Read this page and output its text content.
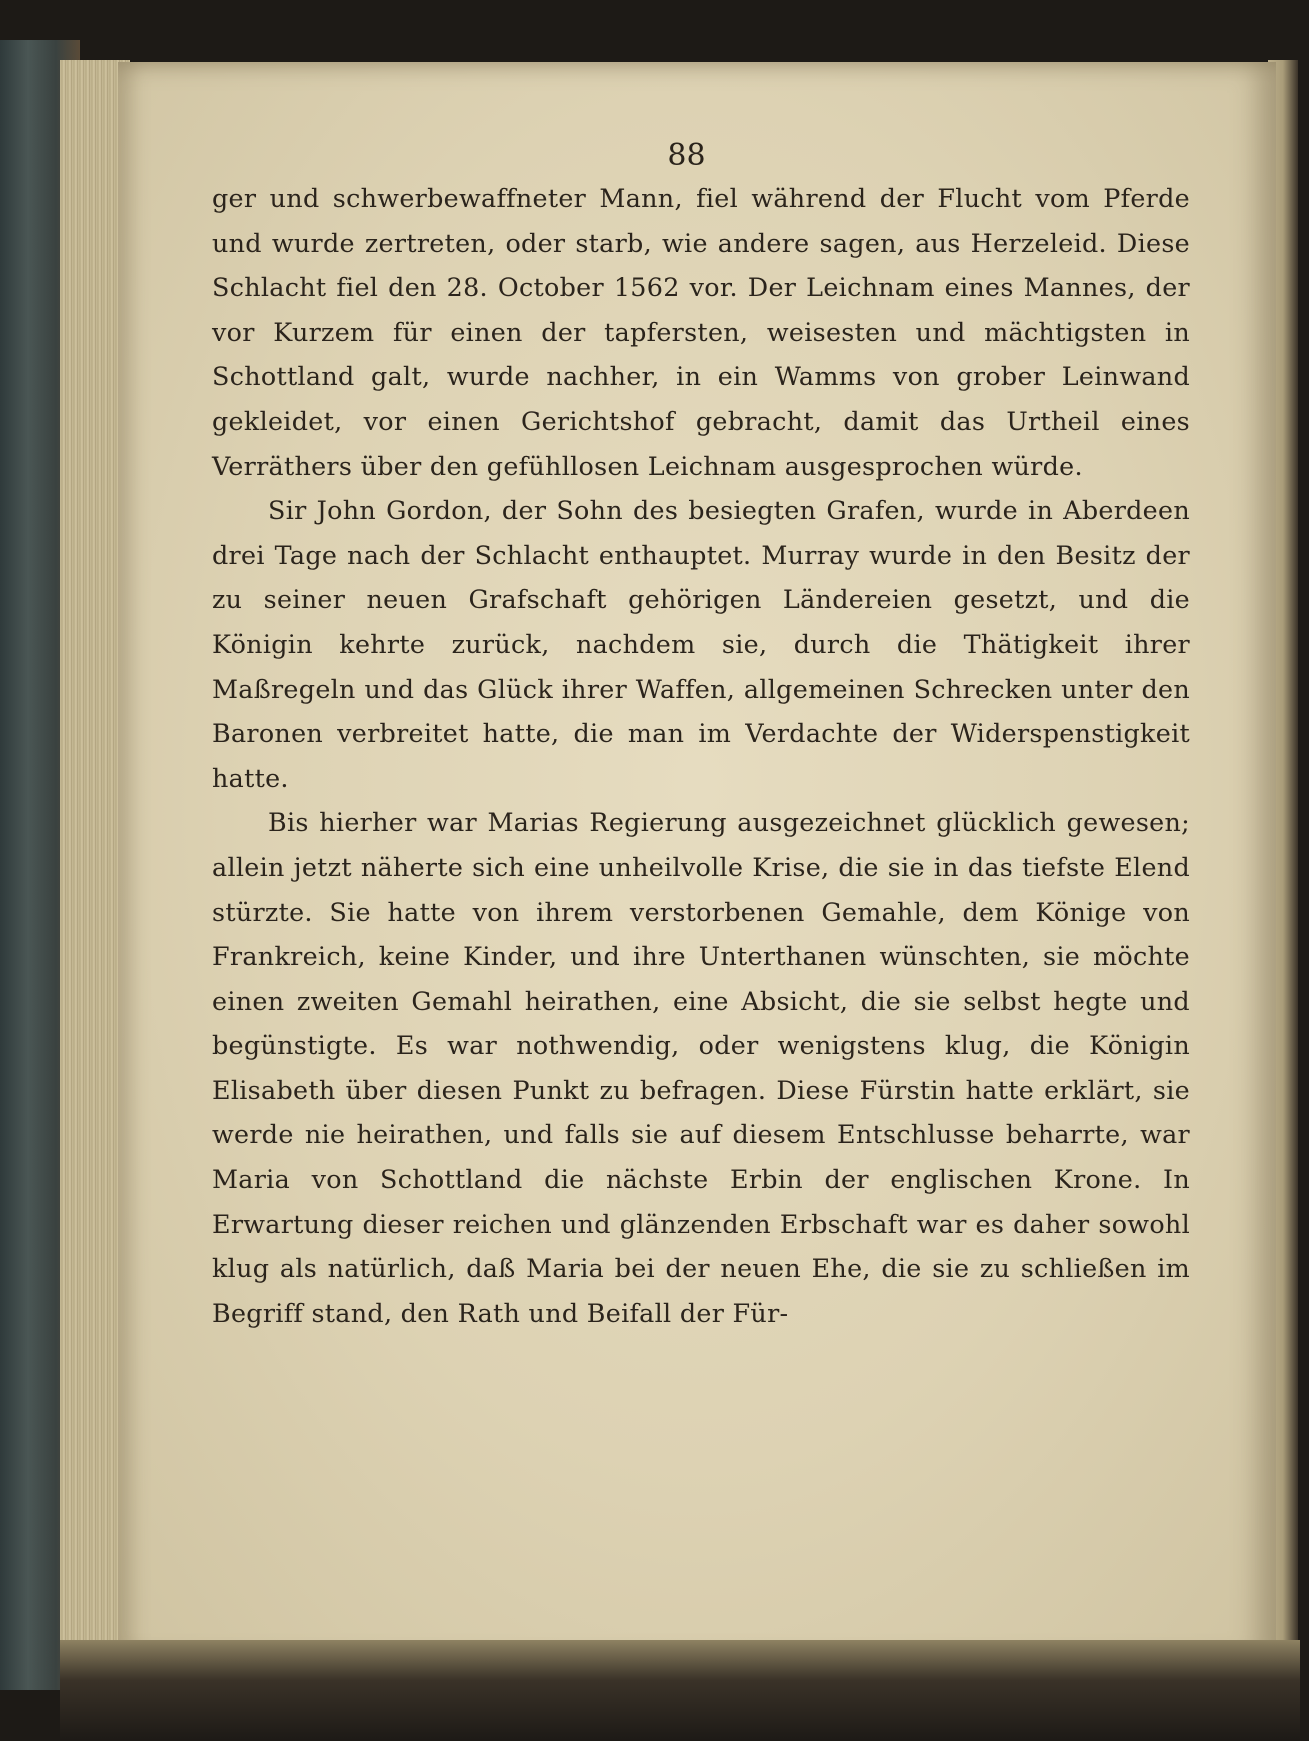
88

ger und schwerbewaffneter Mann, fiel während der Flucht vom Pferde und wurde zertreten, oder starb, wie andere sagen, aus Herzeleid. Diese Schlacht fiel den 28. October 1562 vor. Der Leichnam eines Mannes, der vor Kurzem für einen der tapfersten, weisesten und mächtigsten in Schottland galt, wurde nachher, in ein Wamms von grober Leinwand gekleidet, vor einen Gerichtshof gebracht, damit das Urtheil eines Verräthers über den gefühllosen Leichnam ausgesprochen würde.

Sir John Gordon, der Sohn des besiegten Grafen, wurde in Aberdeen drei Tage nach der Schlacht enthauptet. Murray wurde in den Besitz der zu seiner neuen Grafschaft gehörigen Ländereien gesetzt, und die Königin kehrte zurück, nachdem sie, durch die Thätigkeit ihrer Maßregeln und das Glück ihrer Waffen, allgemeinen Schrecken unter den Baronen verbreitet hatte, die man im Verdachte der Widerspenstigkeit hatte.

Bis hierher war Marias Regierung ausgezeichnet glücklich gewesen; allein jetzt näherte sich eine unheilvolle Krise, die sie in das tiefste Elend stürzte. Sie hatte von ihrem verstorbenen Gemahle, dem Könige von Frankreich, keine Kinder, und ihre Unterthanen wünschten, sie möchte einen zweiten Gemahl heirathen, eine Absicht, die sie selbst hegte und begünstigte. Es war nothwendig, oder wenigstens klug, die Königin Elisabeth über diesen Punkt zu befragen. Diese Fürstin hatte erklärt, sie werde nie heirathen, und falls sie auf diesem Entschlusse beharrte, war Maria von Schottland die nächste Erbin der englischen Krone. In Erwartung dieser reichen und glänzenden Erbschaft war es daher sowohl klug als natürlich, daß Maria bei der neuen Ehe, die sie zu schließen im Begriff stand, den Rath und Beifall der Für-
